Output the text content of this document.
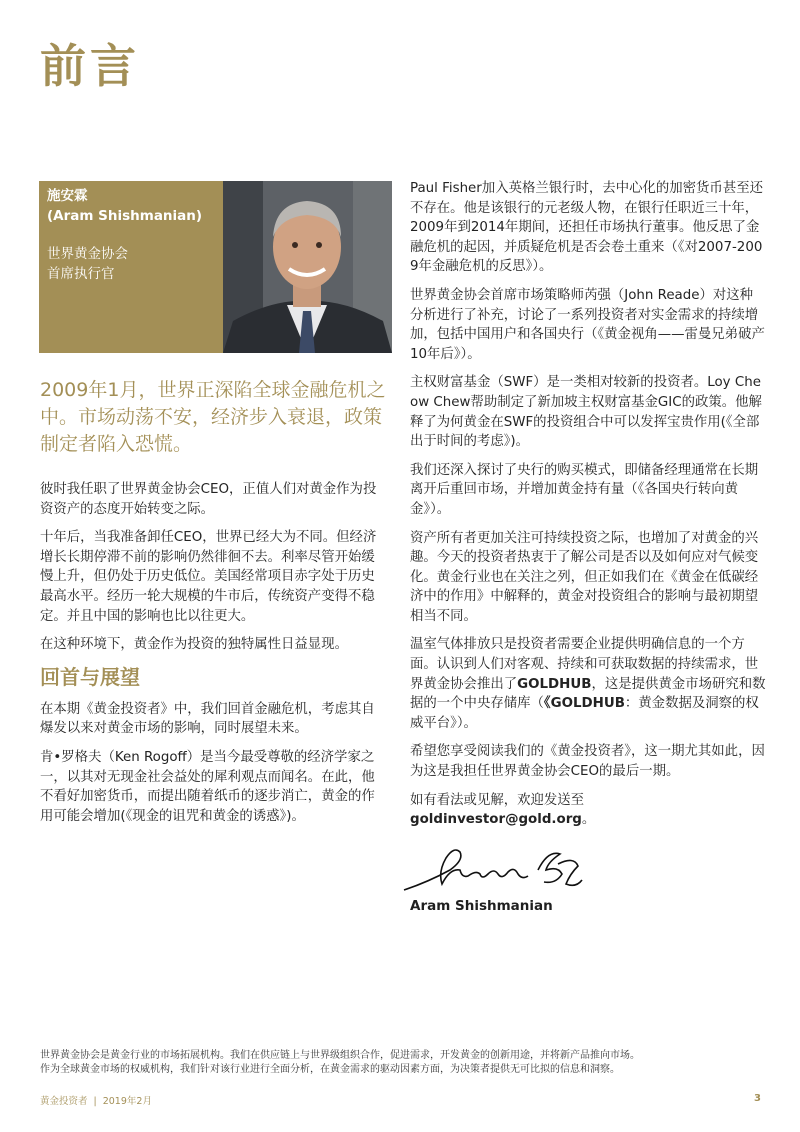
前言
施安霖
(Aram Shishmanian)
世界黄金协会
首席执行官

2009年1月，世界正深陷全球金融危机之中。市场动荡不安，经济步入衰退，政策制定者陷入恐慌。

彼时我任职了世界黄金协会CEO，正值人们对黄金作为投资资产的态度开始转变之际。

十年后，当我准备卸任CEO，世界已经大为不同。但经济增长长期停滞不前的影响仍然徘徊不去。利率尽管开始缓慢上升，但仍处于历史低位。美国经常项目赤字处于历史最高水平。经历一轮大规模的牛市后，传统资产变得不稳定。并且中国的影响也比以往更大。

在这种环境下，黄金作为投资的独特属性日益显现。

回首与展望

在本期《黄金投资者》中，我们回首金融危机，考虑其自爆发以来对黄金市场的影响，同时展望未来。

肯•罗格夫（Ken Rogoff）是当今最受尊敬的经济学家之一，以其对无现金社会益处的犀利观点而闻名。在此，他不看好加密货币，而提出随着纸币的逐步消亡，黄金的作用可能会增加(《现金的诅咒和黄金的诱惑》)。

Paul Fisher加入英格兰银行时，去中心化的加密货币甚至还不存在。他是该银行的元老级人物，在银行任职近三十年，2009年到2014年期间，还担任市场执行董事。他反思了金融危机的起因，并质疑危机是否会卷土重来（《对2007-2009年金融危机的反思》）。

世界黄金协会首席市场策略师芮强（John Reade）对这种分析进行了补充，讨论了一系列投资者对实金需求的持续增加，包括中国用户和各国央行（《黄金视角——雷曼兄弟破产10年后》）。

主权财富基金（SWF）是一类相对较新的投资者。Loy Cheow Chew帮助制定了新加坡主权财富基金GIC的政策。他解释了为何黄金在SWF的投资组合中可以发挥宝贵作用(《全部出于时间的考虑》)。

我们还深入探讨了央行的购买模式，即储备经理通常在长期离开后重回市场，并增加黄金持有量（《各国央行转向黄金》）。

资产所有者更加关注可持续投资之际，也增加了对黄金的兴趣。今天的投资者热衷于了解公司是否以及如何应对气候变化。黄金行业也在关注之列，但正如我们在《黄金在低碳经济中的作用》中解释的，黄金对投资组合的影响与最初期望相当不同。

温室气体排放只是投资者需要企业提供明确信息的一个方面。认识到人们对客观、持续和可获取数据的持续需求，世界黄金协会推出了GOLDHUB，这是提供黄金市场研究和数据的一个中央存储库（《GOLDHUB：黄金数据及洞察的权威平台》）。

希望您享受阅读我们的《黄金投资者》，这一期尤其如此，因为这是我担任世界黄金协会CEO的最后一期。

如有看法或见解，欢迎发送至
goldinvestor@gold.org。

Aram Shishmanian
世界黄金协会是黄金行业的市场拓展机构。我们在供应链上与世界级组织合作，促进需求，开发黄金的创新用途，并将新产品推向市场。
作为全球黄金市场的权威机构，我们针对该行业进行全面分析，在黄金需求的驱动因素方面，为决策者提供无可比拟的信息和洞察。
黄金投资者 | 2019年2月	3
